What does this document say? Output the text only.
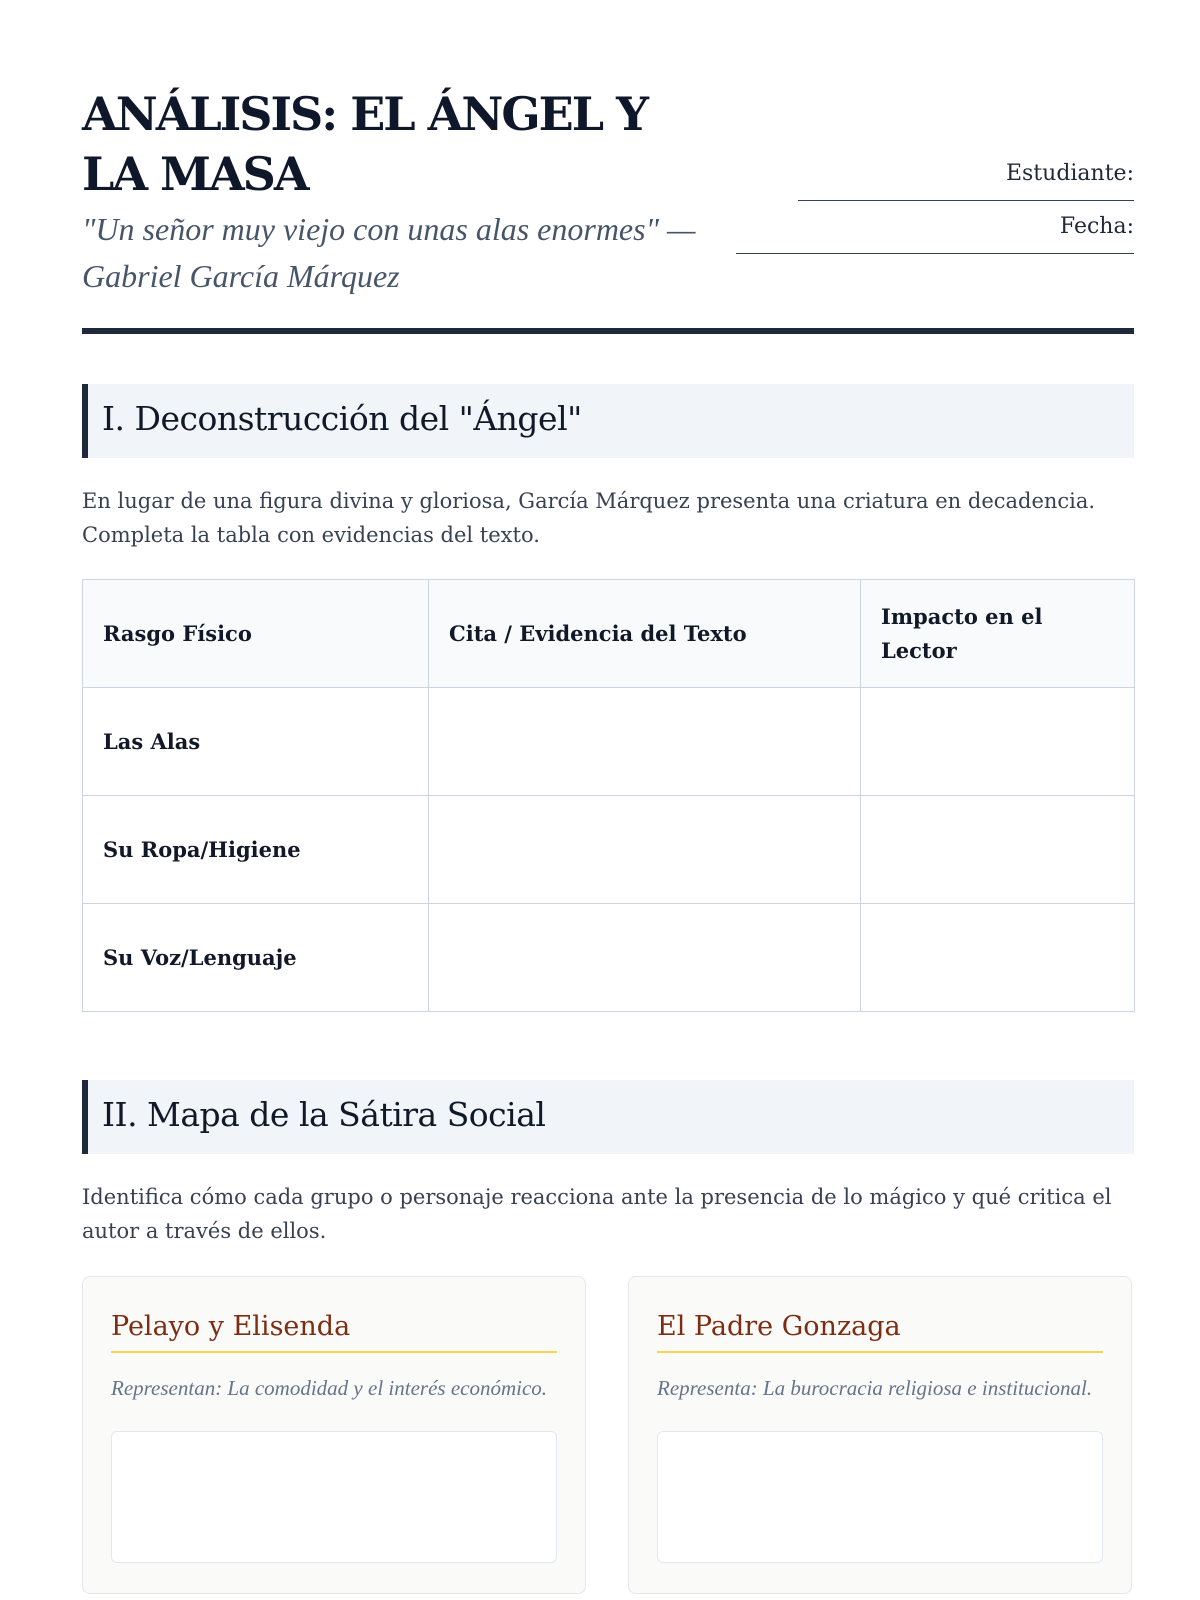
ANÁLISIS: EL ÁNGEL Y LA MASA

"Un señor muy viejo con unas alas enormes" — Gabriel García Márquez

Estudiante:
Fecha:
I. Deconstrucción del "Ángel"

En lugar de una figura divina y gloriosa, García Márquez presenta una criatura en decadencia. Completa la tabla con evidencias del texto.

Rasgo Físico	Cita / Evidencia del Texto	Impacto en el Lector
Las Alas		
Su Ropa/Higiene		
Su Voz/Lenguaje		
II. Mapa de la Sátira Social

Identifica cómo cada grupo o personaje reacciona ante la presencia de lo mágico y qué critica el autor a través de ellos.

Pelayo y Elisenda

Representan: La comodidad y el interés económico.

El Padre Gonzaga

Representa: La burocracia religiosa e institucional.
